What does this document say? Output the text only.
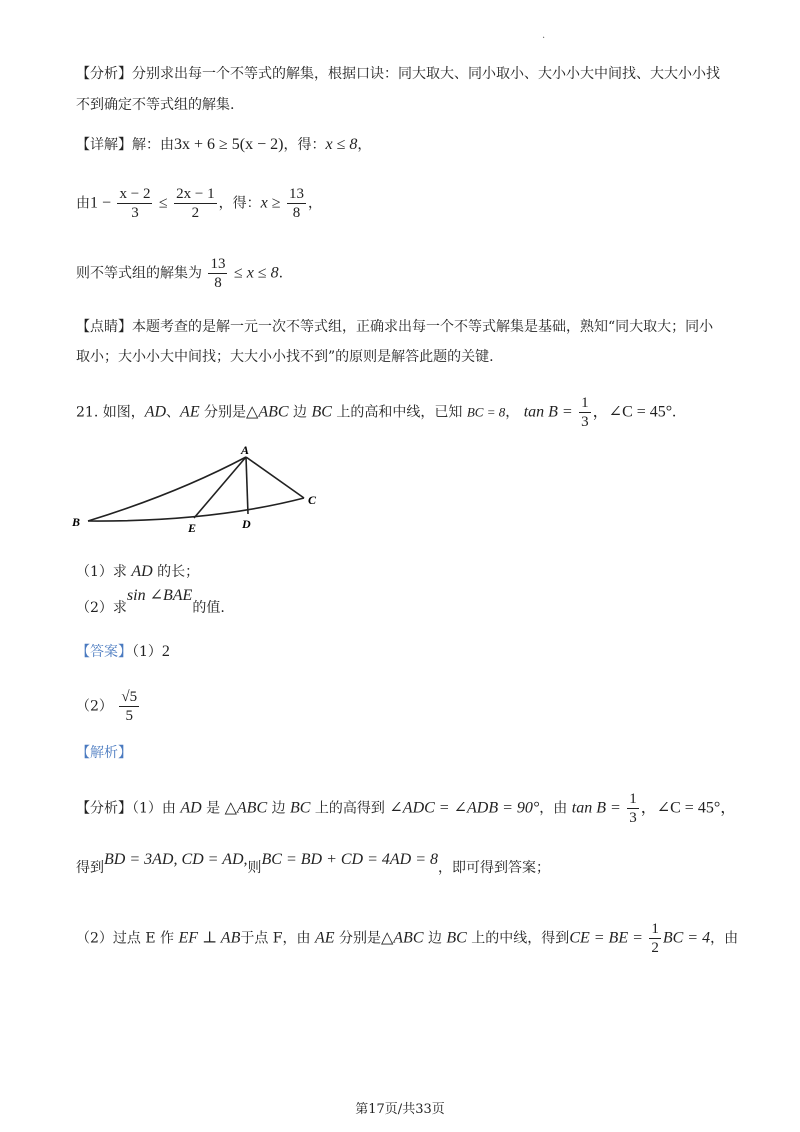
.
【分析】分别求出每一个不等式的解集，根据口诀：同大取大、同小取小、大小小大中间找、大大小小找
不到确定不等式组的解集.
【详解】解：由3x + 6 ≥ 5(x − 2)，得：x ≤ 8，
由$1 - \frac{x - 2}{3} \le \frac{2x - 1}{2}$ ，得：$x \ge \frac{13}{8}$ ，
则不等式组的解集为 $\frac{13}{8} \le x \le 8$.
【点睛】本题考查的是解一元一次不等式组，正确求出每一个不等式解集是基础，熟知“同大取大；同小
取小；大小小大中间找；大大小小找不到”的原则是解答此题的关键.
21. 如图，AD、AE 分别是△ABC 边 BC 上的高和中线，已知 BC = 8， $\tan B = \frac{1}{3}$ ，∠C = 45°.
A
B
C
D
E
（1）求 AD 的长；
（2）求sin ∠BAE的值.
【答案】（1）2
$(2) \frac{√5}{5}$
【解析】
【分析】（1）由 AD 是 △ABC 边 BC 上的高得到 ∠ADC = ∠ADB = 90°，由 $\tan B = \frac{1}{3}$ ，∠C = 45°，
得到BD = 3AD, CD = AD,则BC = BD + CD = 4AD = 8，即可得到答案；
（2）过点 E 作 EF ⊥ AB于点 F，由 AE 分别是△ABC 边 BC 上的中线，得到CE = BE = $\frac{1}{2}$ BC = 4，由
第17页/共33页
